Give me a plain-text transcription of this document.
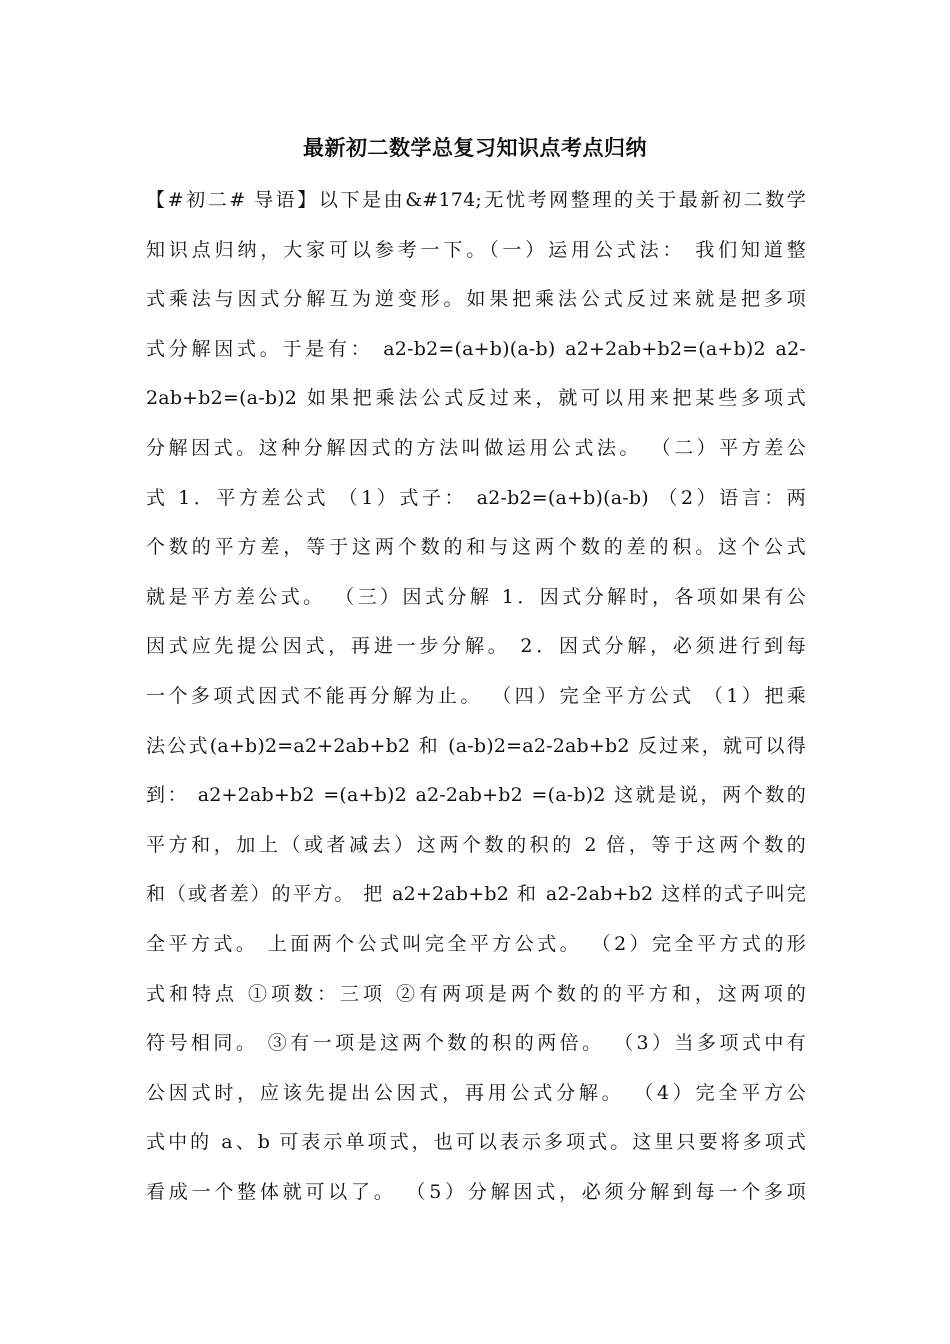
最新初二数学总复习知识点考点归纳
【#初二# 导语】以下是由&#174;无忧考网整理的关于最新初二数学
知识点归纳，大家可以参考一下。（一）运用公式法： 我们知道整
式乘法与因式分解互为逆变形。如果把乘法公式反过来就是把多项
式分解因式。于是有： a2-b2=(a+b)(a-b) a2+2ab+b2=(a+b)2 a2-
2ab+b2=(a-b)2 如果把乘法公式反过来，就可以用来把某些多项式
分解因式。这种分解因式的方法叫做运用公式法。 （二）平方差公
式 1．平方差公式 （1）式子： a2-b2=(a+b)(a-b) （2）语言：两
个数的平方差，等于这两个数的和与这两个数的差的积。这个公式
就是平方差公式。 （三）因式分解 1．因式分解时，各项如果有公
因式应先提公因式，再进一步分解。 2．因式分解，必须进行到每
一个多项式因式不能再分解为止。 （四）完全平方公式 （1）把乘
法公式(a+b)2=a2+2ab+b2 和 (a-b)2=a2-2ab+b2 反过来，就可以得
到： a2+2ab+b2 =(a+b)2 a2-2ab+b2 =(a-b)2 这就是说，两个数的
平方和，加上（或者减去）这两个数的积的 2 倍，等于这两个数的
和（或者差）的平方。 把 a2+2ab+b2 和 a2-2ab+b2 这样的式子叫完
全平方式。 上面两个公式叫完全平方公式。 （2）完全平方式的形
式和特点 ①项数：三项 ②有两项是两个数的的平方和，这两项的
符号相同。 ③有一项是这两个数的积的两倍。 （3）当多项式中有
公因式时，应该先提出公因式，再用公式分解。 （4）完全平方公
式中的 a、b 可表示单项式，也可以表示多项式。这里只要将多项式
看成一个整体就可以了。 （5）分解因式，必须分解到每一个多项
